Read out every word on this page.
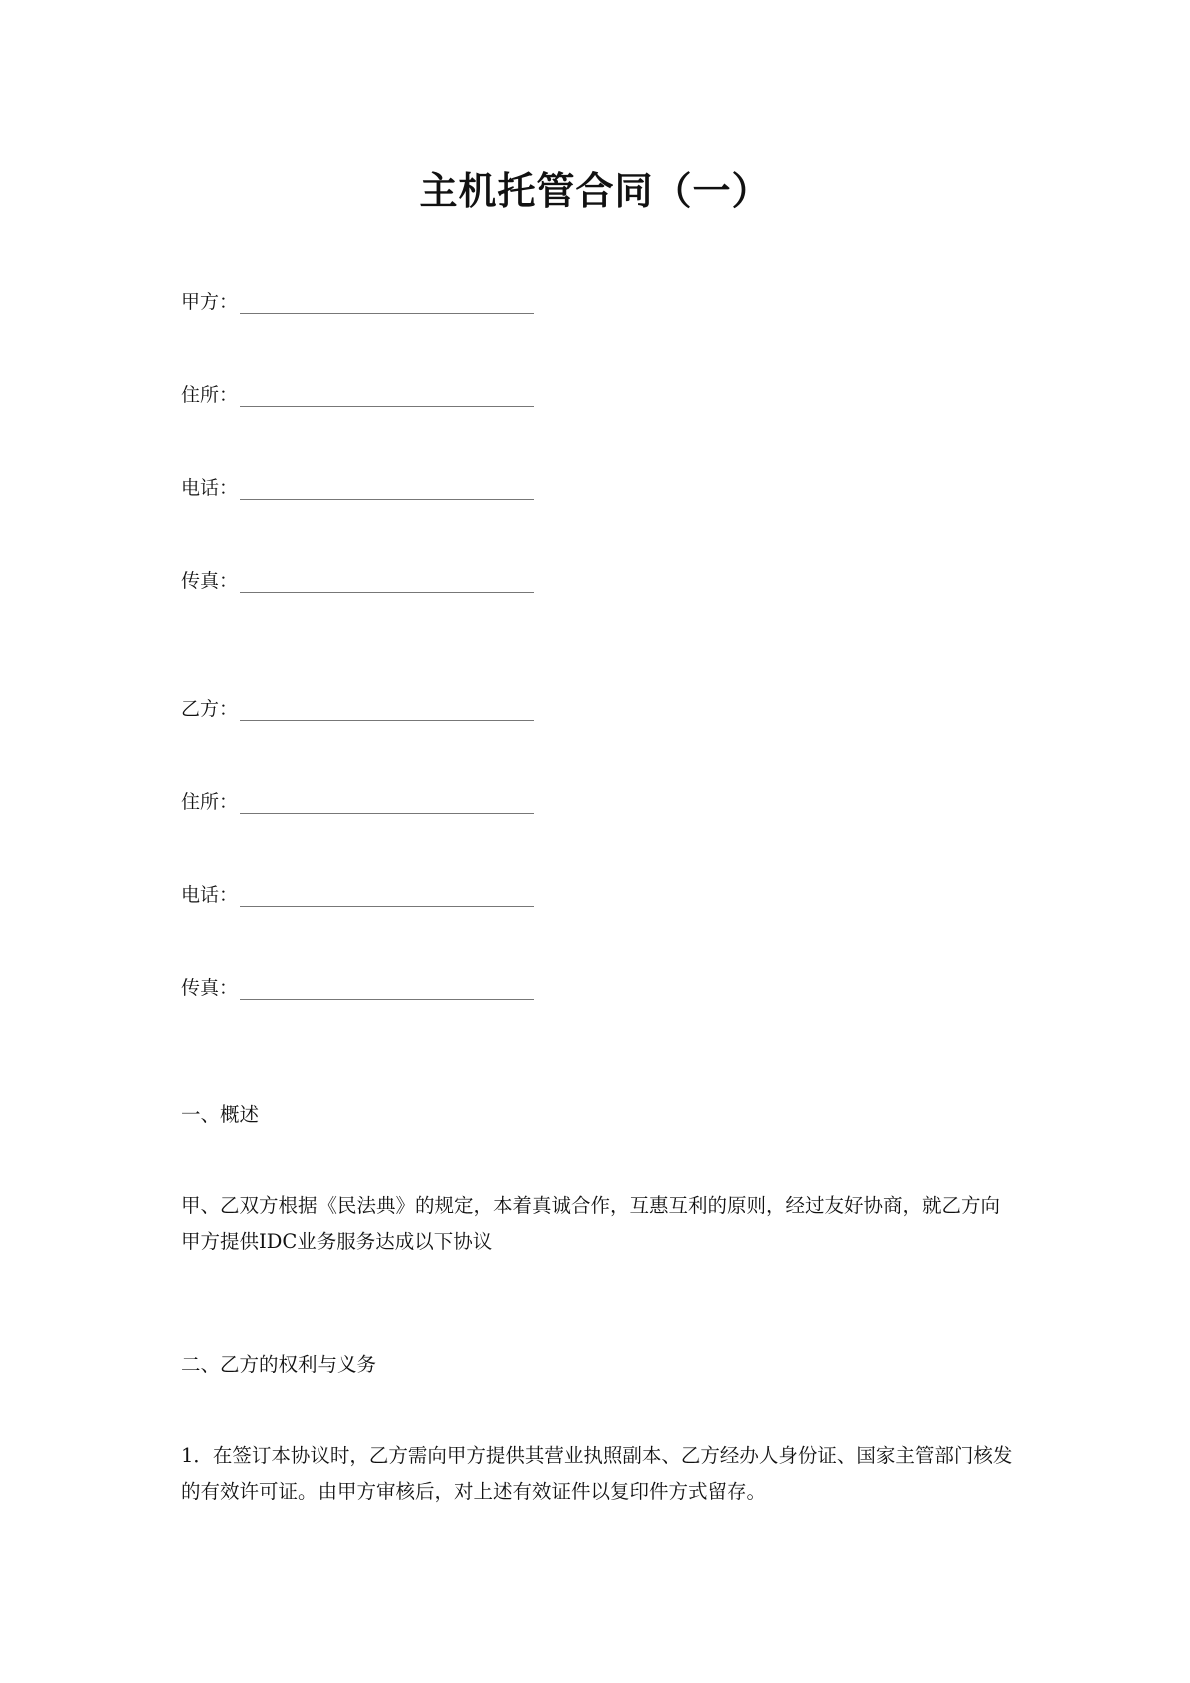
主机托管合同（一）
甲方：
住所：
电话：
传真：
乙方：
住所：
电话：
传真：
一、概述
甲、乙双方根据《民法典》的规定，本着真诚合作，互惠互利的原则，经过友好协商，就乙方向甲方提供IDC业务服务达成以下协议
二、乙方的权利与义务
1．在签订本协议时，乙方需向甲方提供其营业执照副本、乙方经办人身份证、国家主管部门核发的有效许可证。由甲方审核后，对上述有效证件以复印件方式留存。
